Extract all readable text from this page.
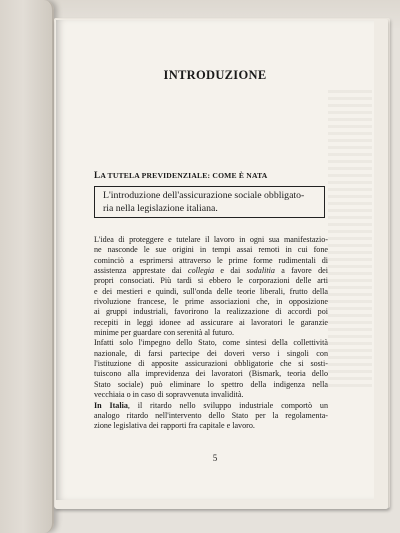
INTRODUZIONE
LA TUTELA PREVIDENZIALE: COME È NATA
L'introduzione dell'assicurazione sociale obbligato-
ria nella legislazione italiana.
L'idea di proteggere e tutelare il lavoro in ogni sua manifestazio-
ne nasconde le sue origini in tempi assai remoti in cui fone
cominciò a esprimersi attraverso le prime forme rudimentali di
assistenza apprestate dai collegia e dai sodalitia a favore dei
propri consociati. Più tardi si ebbero le corporazioni delle arti
e dei mestieri e quindi, sull'onda delle teorie liberali, frutto della
rivoluzione francese, le prime associazioni che, in opposizione
ai gruppi industriali, favorirono la realizzazione di accordi poi
recepiti in leggi idonee ad assicurare ai lavoratori le garanzie
minime per guardare con serenità al futuro.
Infatti solo l'impegno dello Stato, come sintesi della collettività
nazionale, di farsi partecipe dei doveri verso i singoli con
l'istituzione di apposite assicurazioni obbligatorie che si sosti-
tuiscono alla imprevidenza dei lavoratori (Bismark, teoria dello
Stato sociale) può eliminare lo spettro della indigenza nella
vecchiaia o in caso di sopravvenuta invalidità.
In Italia, il ritardo nello sviluppo industriale comportò un
analogo ritardo nell'intervento dello Stato per la regolamenta-
zione legislativa dei rapporti fra capitale e lavoro.
5
